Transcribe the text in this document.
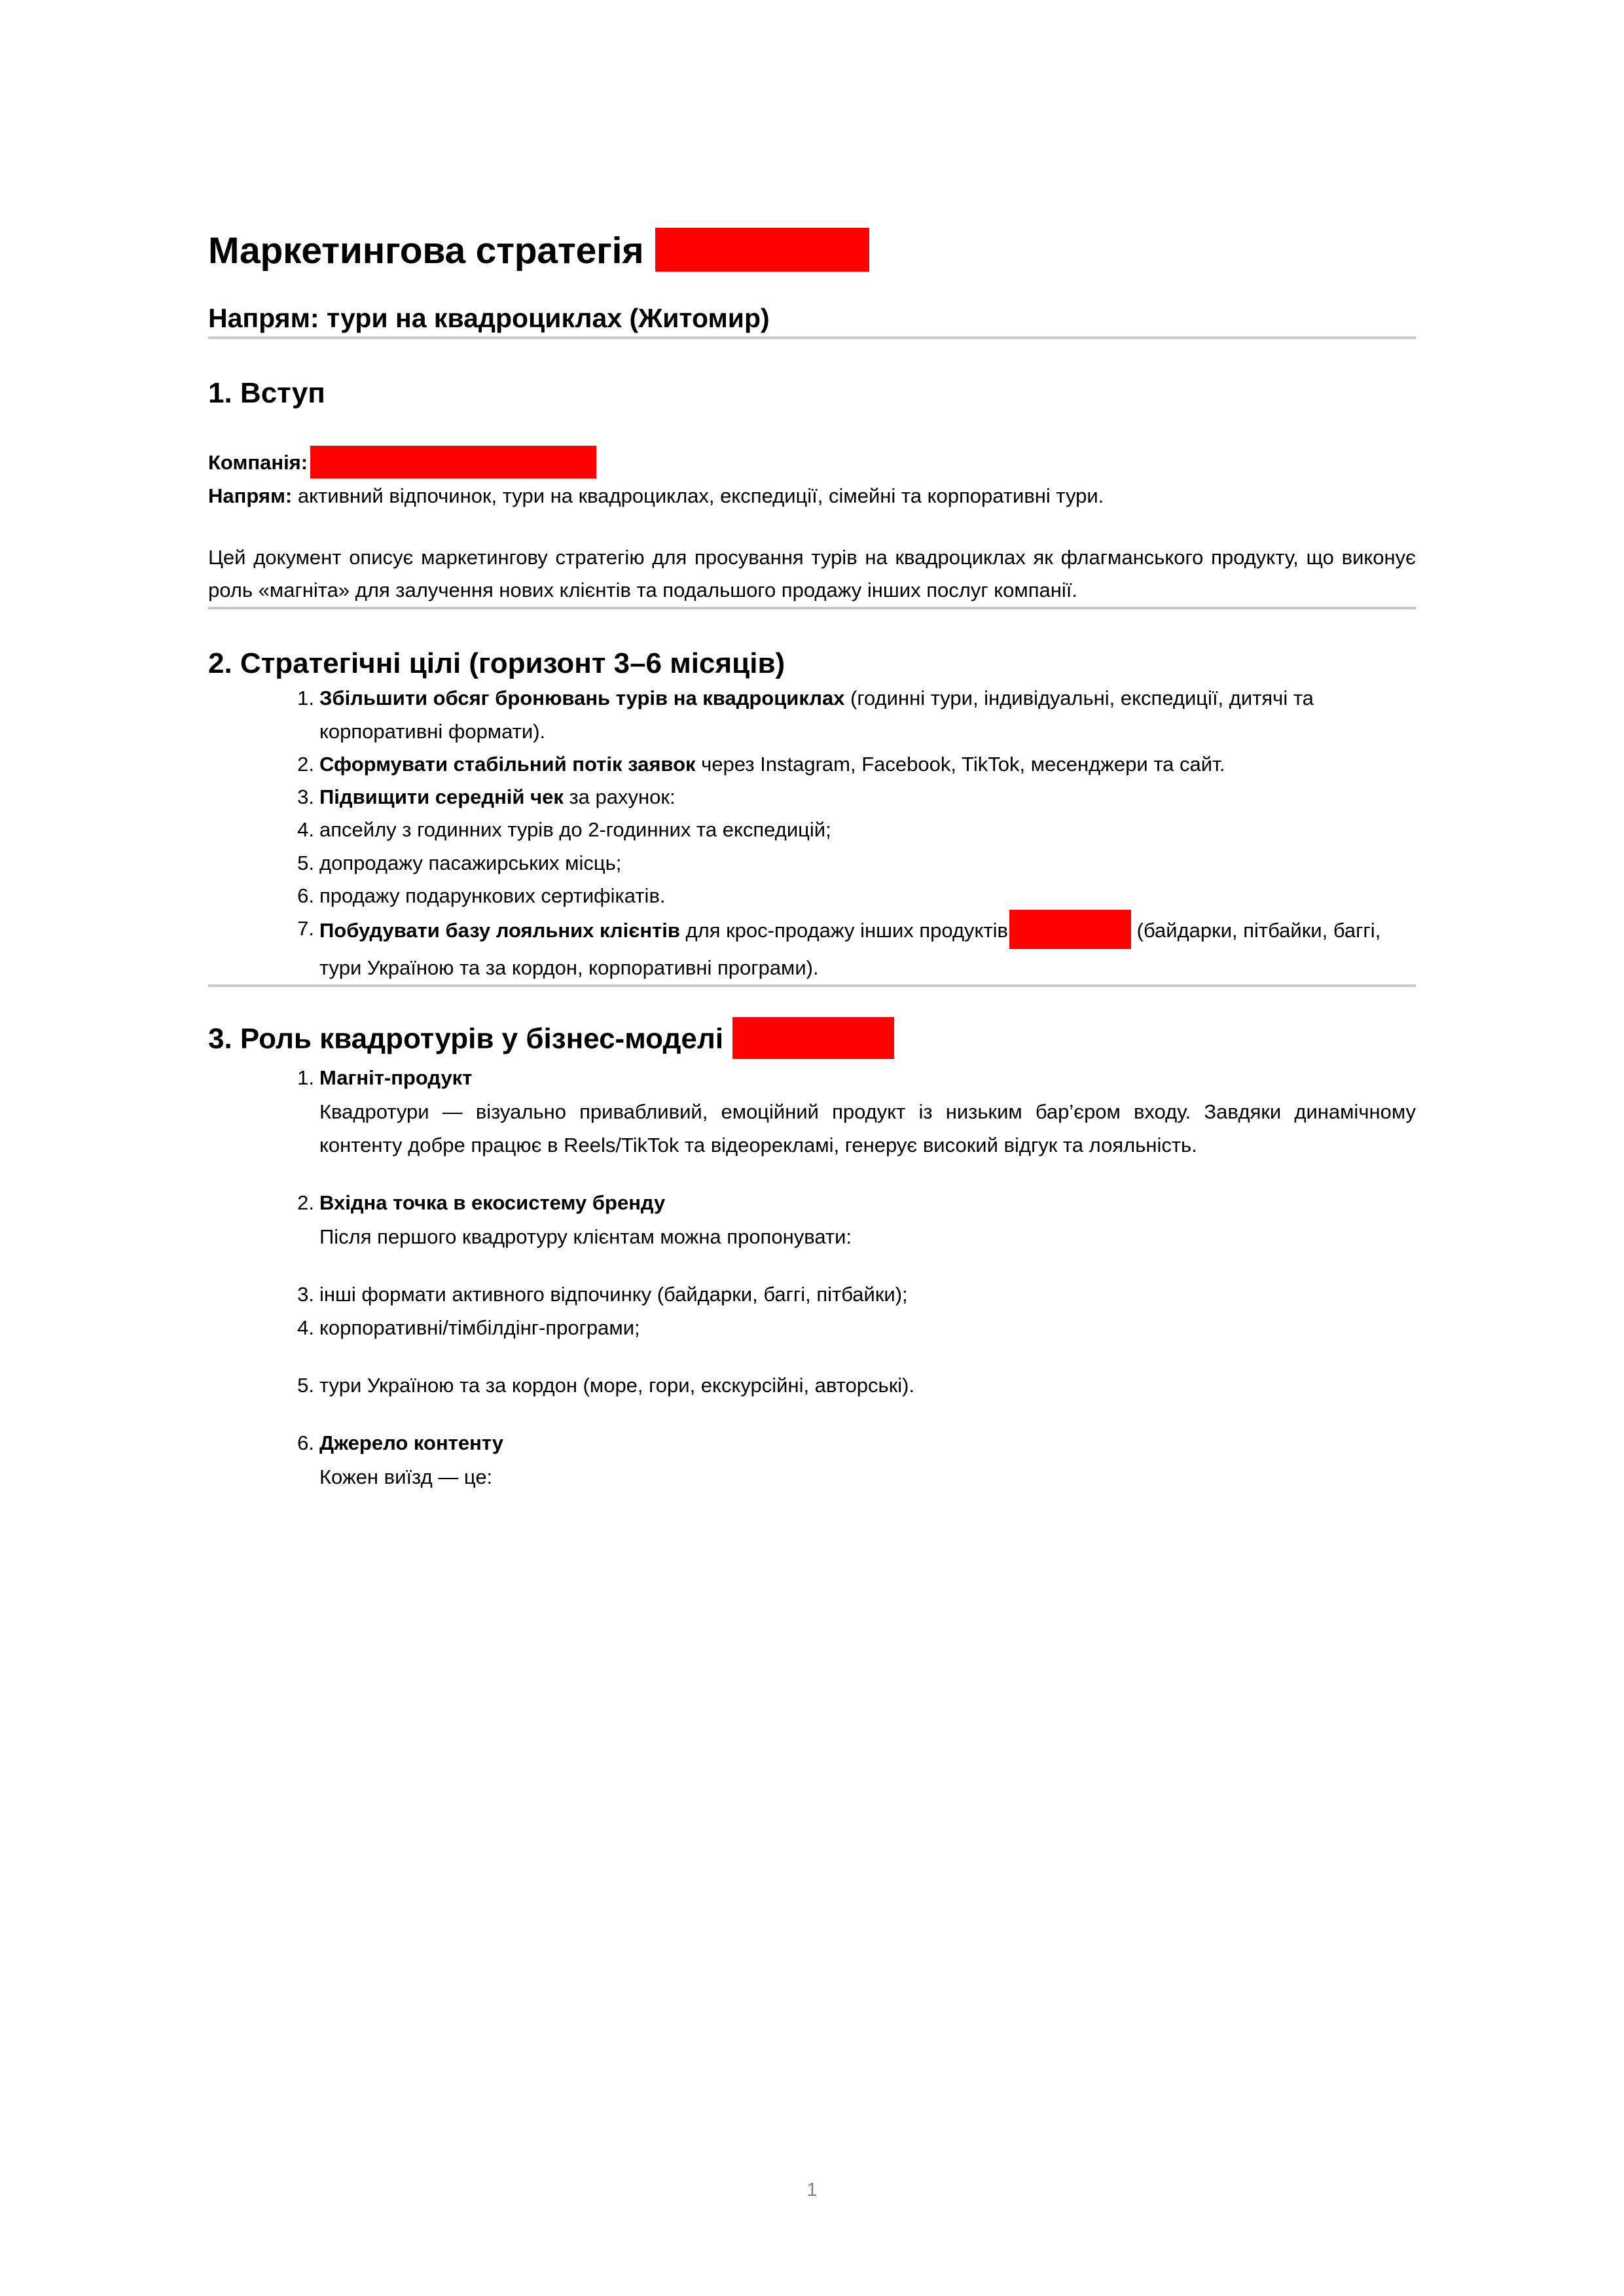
Маркетингова стратегія
Напрям: тури на квадроциклах (Житомир)
1. Вступ

Компанія:

Напрям: активний відпочинок, тури на квадроциклах, експедиції, сімейні та корпоративні тури.

Цей документ описує маркетингову стратегію для просування турів на квадроциклах як флагманського продукту, що виконує роль «магніта» для залучення нових клієнтів та подальшого продажу інших послуг компанії.

2. Стратегічні цілі (горизонт 3–6 місяців)
1. Збільшити обсяг бронювань турів на квадроциклах (годинні тури, індивідуальні, експедиції, дитячі та корпоративні формати).
2. Сформувати стабільний потік заявок через Instagram, Facebook, TikTok, месенджери та сайт.
3. Підвищити середній чек за рахунок:
4. апсейлу з годинних турів до 2-годинних та експедицій;
5. допродажу пасажирських місць;
6. продажу подарункових сертифікатів.
7. Побудувати базу лояльних клієнтів для крос-продажу інших продуктів	(байдарки, пітбайки, баггі, тури Україною та за кордон, корпоративні програми).
3. Роль квадротурів у бізнес-моделі
1. Магніт-продукт
Квадротури — візуально привабливий, емоційний продукт із низьким бар’єром входу. Завдяки динамічному контенту добре працює в Reels/TikTok та відеорекламі, генерує високий відгук та лояльність.
2. Вхідна точка в екосистему бренду
Після першого квадротуру клієнтам можна пропонувати:
3. інші формати активного відпочинку (байдарки, баггі, пітбайки);
4. корпоративні/тімбілдінг-програми;
5. тури Україною та за кордон (море, гори, екскурсійні, авторські).
6. Джерело контенту
Кожен виїзд — це:
1
